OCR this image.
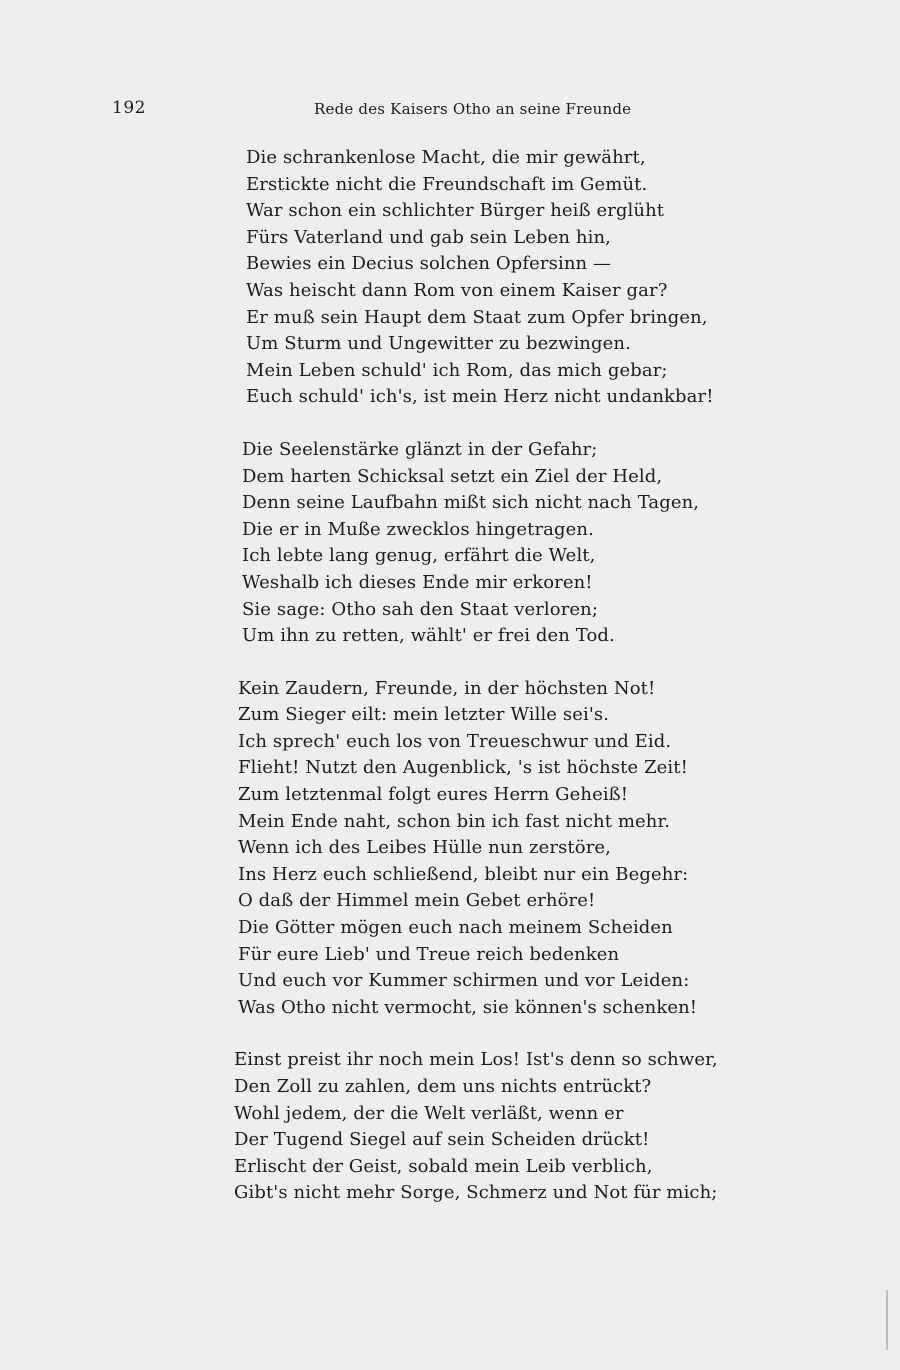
192	Rede des Kaisers Otho an seine Freunde
Die schrankenlose Macht, die mir gewährt,
Erstickte nicht die Freundschaft im Gemüt.
War schon ein schlichter Bürger heiß erglüht
Fürs Vaterland und gab sein Leben hin,
Bewies ein Decius solchen Opfersinn —
Was heischt dann Rom von einem Kaiser gar?
Er muß sein Haupt dem Staat zum Opfer bringen,
Um Sturm und Ungewitter zu bezwingen.
Mein Leben schuld' ich Rom, das mich gebar;
Euch schuld' ich's, ist mein Herz nicht undankbar!
Die Seelenstärke glänzt in der Gefahr;
Dem harten Schicksal setzt ein Ziel der Held,
Denn seine Laufbahn mißt sich nicht nach Tagen,
Die er in Muße zwecklos hingetragen.
Ich lebte lang genug, erfährt die Welt,
Weshalb ich dieses Ende mir erkoren!
Sie sage: Otho sah den Staat verloren;
Um ihn zu retten, wählt' er frei den Tod.
Kein Zaudern, Freunde, in der höchsten Not!
Zum Sieger eilt: mein letzter Wille sei's.
Ich sprech' euch los von Treueschwur und Eid.
Flieht! Nutzt den Augenblick, 's ist höchste Zeit!
Zum letztenmal folgt eures Herrn Geheiß!
Mein Ende naht, schon bin ich fast nicht mehr.
Wenn ich des Leibes Hülle nun zerstöre,
Ins Herz euch schließend, bleibt nur ein Begehr:
O daß der Himmel mein Gebet erhöre!
Die Götter mögen euch nach meinem Scheiden
Für eure Lieb' und Treue reich bedenken
Und euch vor Kummer schirmen und vor Leiden:
Was Otho nicht vermocht, sie können's schenken!
Einst preist ihr noch mein Los! Ist's denn so schwer,
Den Zoll zu zahlen, dem uns nichts entrückt?
Wohl jedem, der die Welt verläßt, wenn er
Der Tugend Siegel auf sein Scheiden drückt!
Erlischt der Geist, sobald mein Leib verblich,
Gibt's nicht mehr Sorge, Schmerz und Not für mich;
